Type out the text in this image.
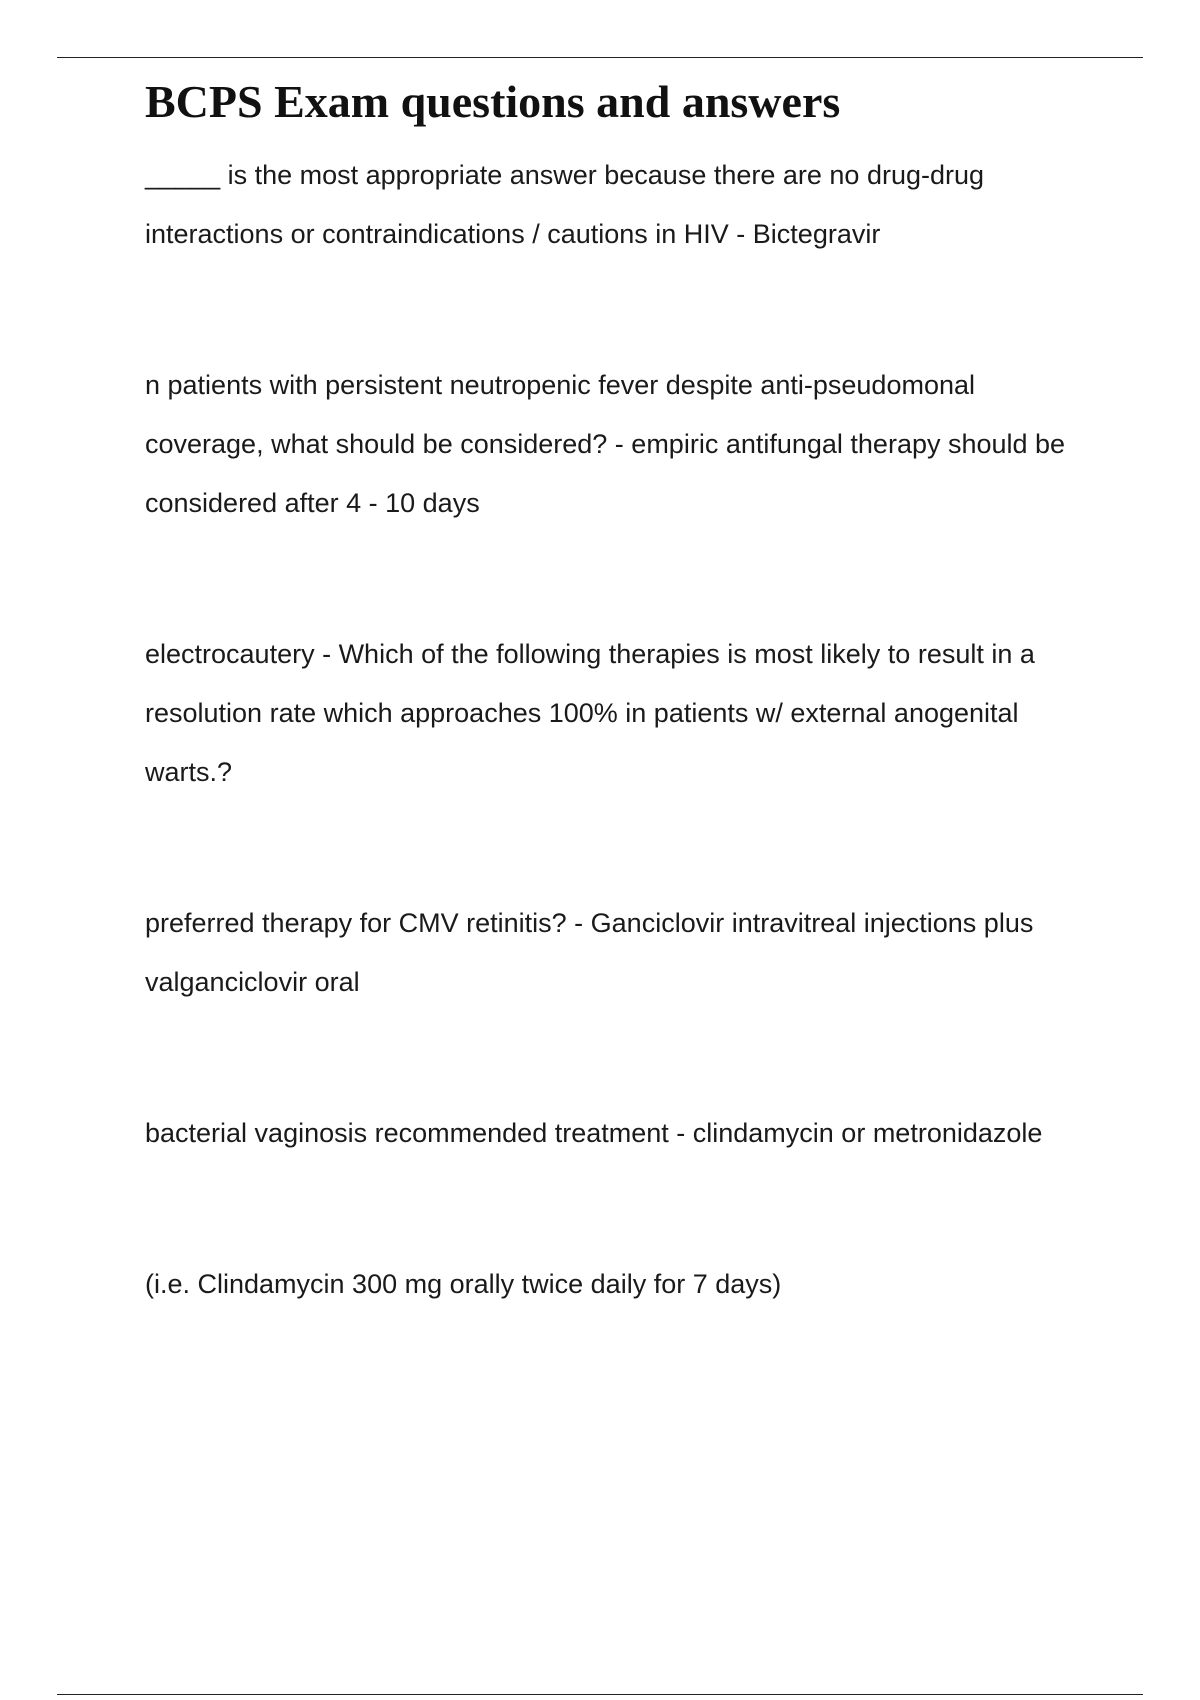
BCPS Exam questions and answers

_____ is the most appropriate answer because there are no drug-drug interactions or contraindications / cautions in HIV - Bictegravir

n patients with persistent neutropenic fever despite anti-pseudomonal coverage, what should be considered? - empiric antifungal therapy should be considered after 4 - 10 days

electrocautery - Which of the following therapies is most likely to result in a resolution rate which approaches 100% in patients w/ external anogenital warts.?

preferred therapy for CMV retinitis? - Ganciclovir intravitreal injections plus valganciclovir oral

bacterial vaginosis recommended treatment - clindamycin or metronidazole

(i.e. Clindamycin 300 mg orally twice daily for 7 days)
